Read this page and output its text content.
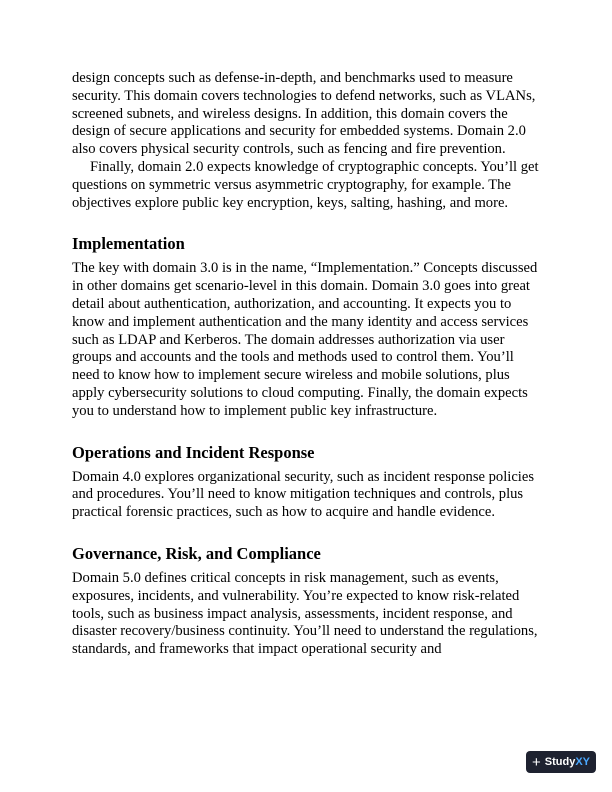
design concepts such as defense-in-depth, and benchmarks used to measure security. This domain covers technologies to defend networks, such as VLANs, screened subnets, and wireless designs. In addition, this domain covers the design of secure applications and security for embedded systems. Domain 2.0 also covers physical security controls, such as fencing and fire prevention.

Finally, domain 2.0 expects knowledge of cryptographic concepts. You’ll get questions on symmetric versus asymmetric cryptography, for example. The objectives explore public key encryption, keys, salting, hashing, and more.

Implementation

The key with domain 3.0 is in the name, “Implementation.” Concepts discussed in other domains get scenario-level in this domain. Domain 3.0 goes into great detail about authentication, authorization, and accounting. It expects you to know and implement authentication and the many identity and access services such as LDAP and Kerberos. The domain addresses authorization via user groups and accounts and the tools and methods used to control them. You’ll need to know how to implement secure wireless and mobile solutions, plus apply cybersecurity solutions to cloud computing. Finally, the domain expects you to understand how to implement public key infrastructure.

Operations and Incident Response

Domain 4.0 explores organizational security, such as incident response policies and procedures. You’ll need to know mitigation techniques and controls, plus practical forensic practices, such as how to acquire and handle evidence.

Governance, Risk, and Compliance

Domain 5.0 defines critical concepts in risk management, such as events, exposures, incidents, and vulnerability. You’re expected to know risk-related tools, such as business impact analysis, assessments, incident response, and disaster recovery/business continuity. You’ll need to understand the regulations, standards, and frameworks that impact operational security and

+ Study XY
